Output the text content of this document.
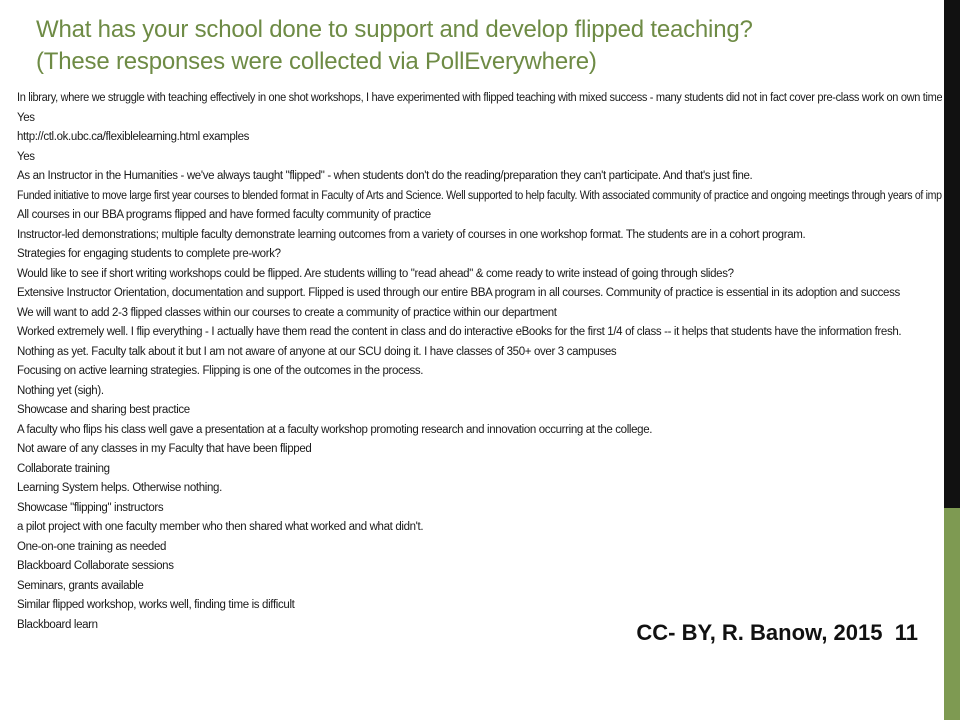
What has your school done to support and develop flipped teaching?
(These responses were collected via PollEverywhere)
In library, where we struggle with teaching effectively in one shot workshops, I have experimented with flipped teaching with mixed success - many students did not in fact cover pre-class work on own time
Yes
http://ctl.ok.ubc.ca/flexiblelearning.html examples
Yes
As an Instructor in the Humanities - we've always taught "flipped" - when students don't do the reading/preparation they can't participate. And that's just fine.
Funded initiative to move large first year courses to blended format in Faculty of Arts and Science. Well supported to help faculty. With associated community of practice and ongoing meetings through years of imp
All courses in our BBA programs flipped and have formed faculty community of practice
Instructor-led demonstrations; multiple faculty demonstrate learning outcomes from a variety of courses in one workshop format. The students are in a cohort program.
Strategies for engaging students to complete pre-work?
Would like to see if short writing workshops could be flipped. Are students willing to "read ahead" & come ready to write instead of going through slides?
Extensive Instructor Orientation, documentation and support. Flipped is used through our entire BBA program in all courses. Community of practice is essential in its adoption and success
We will want to add 2-3 flipped classes within our courses to create a community of practice within our department
Worked extremely well. I flip everything - I actually have them read the content in class and do interactive eBooks for the first 1/4 of class -- it helps that students have the information fresh.
Nothing as yet. Faculty talk about it but I am not aware of anyone at our SCU doing it. I have classes of 350+ over 3 campuses
Focusing on active learning strategies. Flipping is one of the outcomes in the process.
Nothing yet (sigh).
Showcase and sharing best practice
A faculty who flips his class well gave a presentation at a faculty workshop promoting research and innovation occurring at the college.
Not aware of any classes in my Faculty that have been flipped
Collaborate training
Learning System helps. Otherwise nothing.
Showcase "flipping" instructors
a pilot project with one faculty member who then shared what worked and what didn't.
One-on-one training as needed
Blackboard Collaborate sessions
Seminars, grants available
Similar flipped workshop, works well, finding time is difficult
Blackboard learn	CC- BY, R. Banow, 2015 11
